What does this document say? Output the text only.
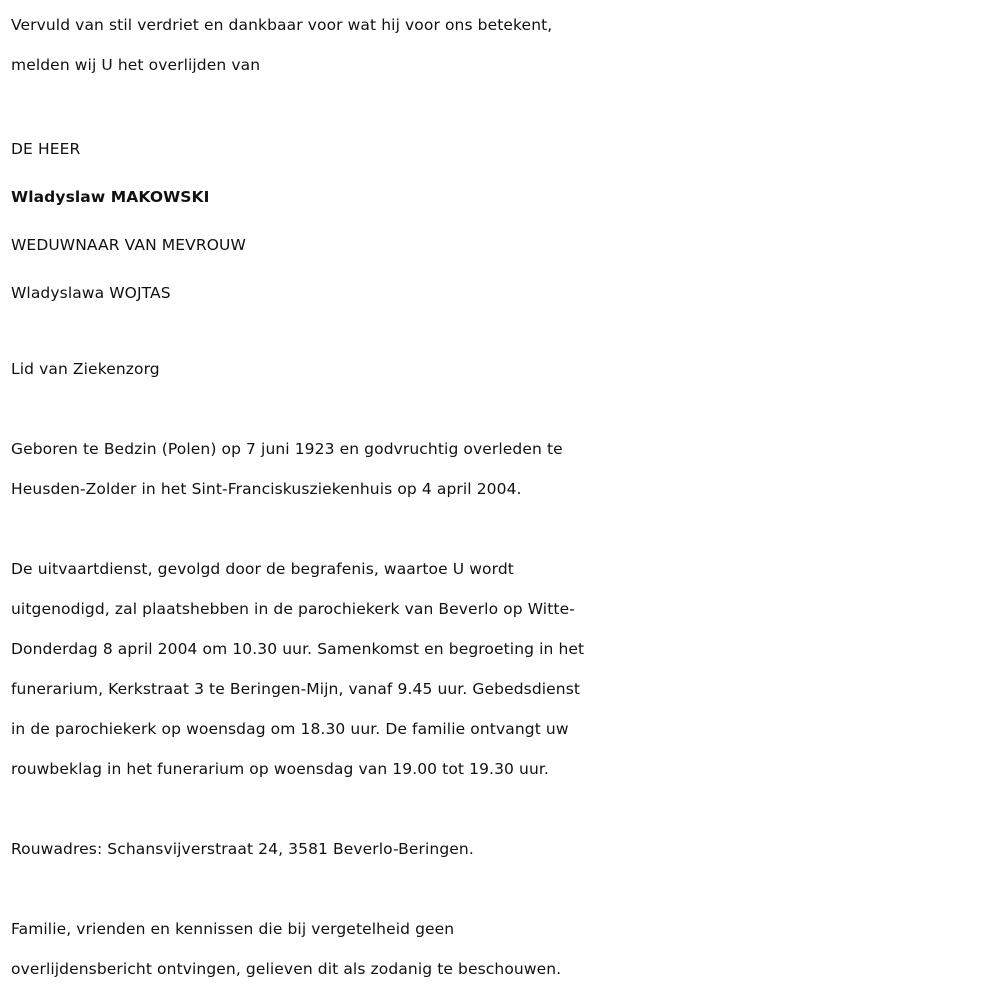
Vervuld van stil verdriet en dankbaar voor wat hij voor ons betekent,
melden wij U het overlijden van
DE HEER
Wladyslaw MAKOWSKI
WEDUWNAAR VAN MEVROUW
Wladyslawa WOJTAS
Lid van Ziekenzorg
Geboren te Bedzin (Polen) op 7 juni 1923 en godvruchtig overleden te
Heusden-Zolder in het Sint-Franciskusziekenhuis op 4 april 2004.
De uitvaartdienst, gevolgd door de begrafenis, waartoe U wordt
uitgenodigd, zal plaatshebben in de parochiekerk van Beverlo op Witte-
Donderdag 8 april 2004 om 10.30 uur. Samenkomst en begroeting in het
funerarium, Kerkstraat 3 te Beringen-Mijn, vanaf 9.45 uur. Gebedsdienst
in de parochiekerk op woensdag om 18.30 uur. De familie ontvangt uw
rouwbeklag in het funerarium op woensdag van 19.00 tot 19.30 uur.
Rouwadres: Schansvijverstraat 24, 3581 Beverlo-Beringen.
Familie, vrienden en kennissen die bij vergetelheid geen
overlijdensbericht ontvingen, gelieven dit als zodanig te beschouwen.
